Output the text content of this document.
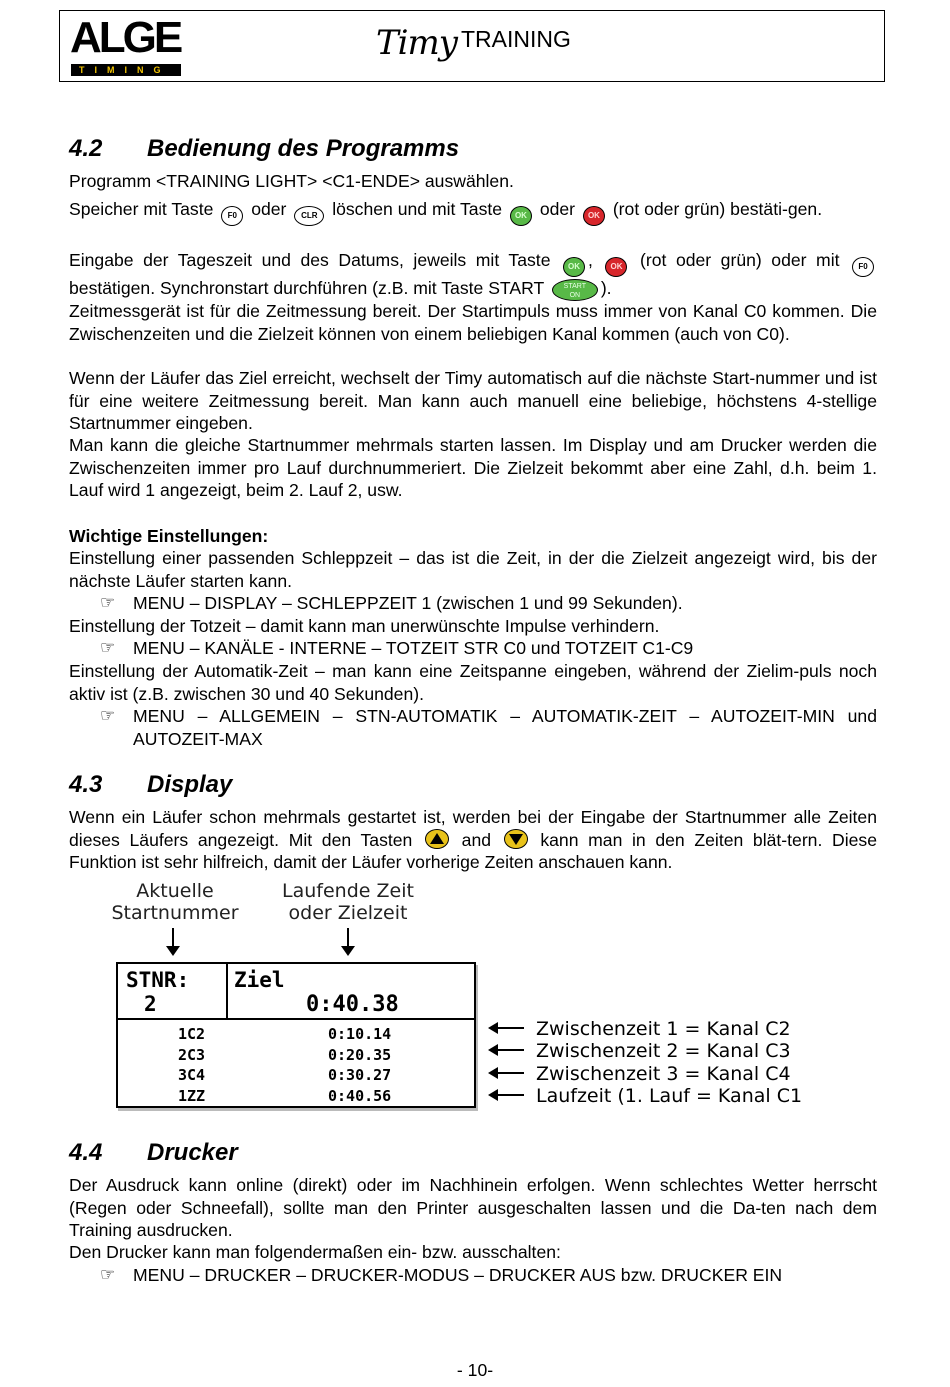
ALGE
TIMING
Timy TRAINING
4.2 Bedienung des Programms
Programm <TRAINING LIGHT> <C1-ENDE> auswählen.
Speicher mit Taste F0 oder CLR löschen und mit Taste OK oder OK (rot oder grün) bestäti-gen.
Eingabe der Tageszeit und des Datums, jeweils mit Taste OK , OK (rot oder grün) oder mit F0 bestätigen. Synchronstart durchführen (z.B. mit Taste START	START
ON ).
Zeitmessgerät ist für die Zeitmessung bereit. Der Startimpuls muss immer von Kanal C0 kommen. Die Zwischenzeiten und die Zielzeit können von einem beliebigen Kanal kommen (auch von C0).
Wenn der Läufer das Ziel erreicht, wechselt der Timy automatisch auf die nächste Start-nummer und ist für eine weitere Zeitmessung bereit. Man kann auch manuell eine beliebige, höchstens 4-stellige Startnummer eingeben.
Man kann die gleiche Startnummer mehrmals starten lassen. Im Display und am Drucker werden die Zwischenzeiten immer pro Lauf durchnummeriert. Die Zielzeit bekommt aber eine Zahl, d.h. beim 1. Lauf wird 1 angezeigt, beim 2. Lauf 2, usw.
Wichtige Einstellungen:
Einstellung einer passenden Schleppzeit – das ist die Zeit, in der die Zielzeit angezeigt wird, bis der nächste Läufer starten kann.
☞ MENU – DISPLAY – SCHLEPPZEIT 1 (zwischen 1 und 99 Sekunden).
Einstellung der Totzeit – damit kann man unerwünschte Impulse verhindern.
☞ MENU – KANÄLE - INTERNE – TOTZEIT STR C0 und TOTZEIT C1-C9
Einstellung der Automatik-Zeit – man kann eine Zeitspanne eingeben, während der Zielim-puls noch aktiv ist (z.B. zwischen 30 und 40 Sekunden).
☞ MENU – ALLGEMEIN – STN-AUTOMATIK – AUTOMATIK-ZEIT – AUTOZEIT-MIN und AUTOZEIT-MAX
4.3 Display
Wenn ein Läufer schon mehrmals gestartet ist, werden bei der Eingabe der Startnummer alle Zeiten dieses Läufers angezeigt. Mit den Tasten	and	kann man in den Zeiten blät-tern. Diese Funktion ist sehr hilfreich, damit der Läufer vorherige Zeiten anschauen kann.
Aktuelle
Startnummer
Laufende Zeit
oder Zielzeit
STNR:
2
Ziel
0:40.38
1C2	0:10.14
2C3	0:20.35
3C4	0:30.27
1ZZ	0:40.56
Zwischenzeit 1 = Kanal C2
Zwischenzeit 2 = Kanal C3
Zwischenzeit 3 = Kanal C4
Laufzeit (1. Lauf = Kanal C1
4.4 Drucker
Der Ausdruck kann online (direkt) oder im Nachhinein erfolgen. Wenn schlechtes Wetter herrscht (Regen oder Schneefall), sollte man den Printer ausgeschalten lassen und die Da-ten nach dem Training ausdrucken.
Den Drucker kann man folgendermaßen ein- bzw. ausschalten:
☞ MENU – DRUCKER – DRUCKER-MODUS – DRUCKER AUS bzw. DRUCKER EIN
- 10-
